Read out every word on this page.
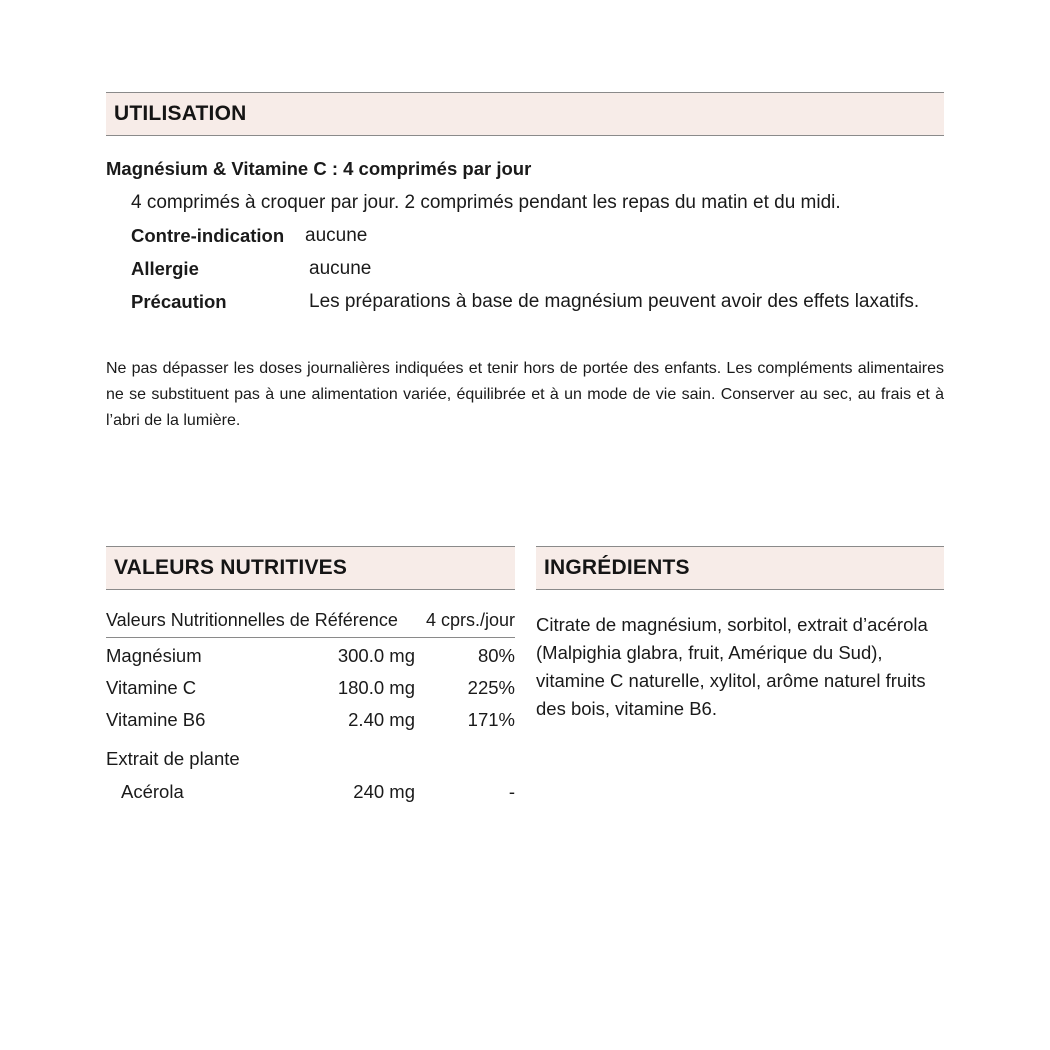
UTILISATION
Magnésium & Vitamine C : 4 comprimés par jour
4 comprimés à croquer par jour. 2 comprimés pendant les repas du matin et du midi.
Contre-indication aucune
Allergie	aucune
Précaution	Les préparations à base de magnésium peuvent avoir des effets laxatifs.
Ne pas dépasser les doses journalières indiquées et tenir hors de portée des enfants. Les compléments alimentaires ne se substituent pas à une alimentation variée, équilibrée et à un mode de vie sain. Conserver au sec, au frais et à l’abri de la lumière.
VALEURS NUTRITIVES
Valeurs Nutritionnelles de Référence 4 cprs./jour
Magnésium	300.0 mg	80%
Vitamine C	180.0 mg	225%
Vitamine B6	2.40 mg	171%
Extrait de plante
Acérola	240 mg	-
INGRÉDIENTS
Citrate de magnésium, sorbitol, extrait d’acérola (Malpighia glabra, fruit, Amérique du Sud), vitamine C naturelle, xylitol, arôme naturel fruits des bois, vitamine B6.
